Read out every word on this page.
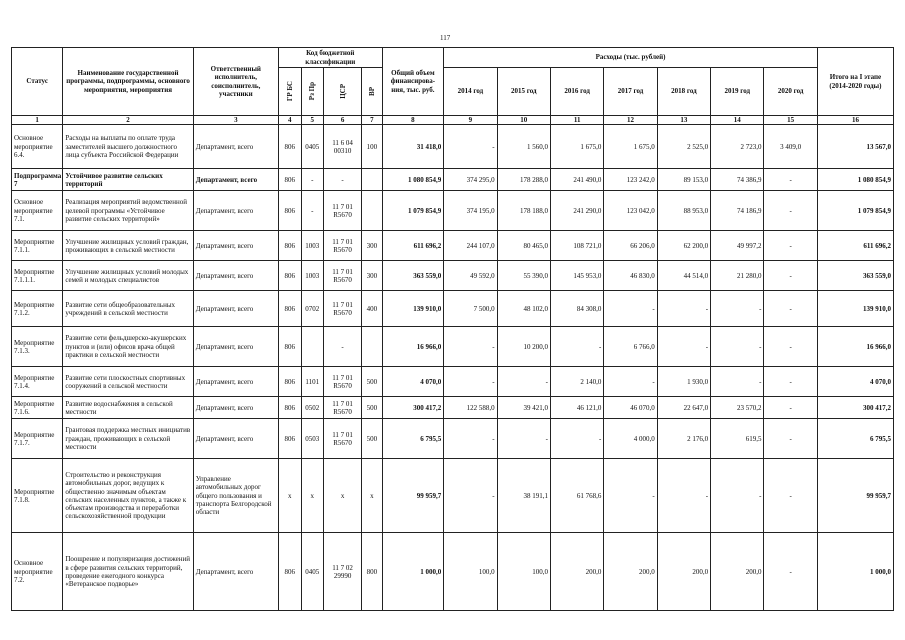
117
Статус	Наименование государственной программы, подпрограммы, основного мероприятия, мероприятия	Ответственный исполнитель, соисполнитель, участники	Код бюджетной классификации				Общий объем финансирова-ния, тыс. руб.	Расходы (тыс. рублей)							Итого на I этапе (2014-2020 годы)

			ГР БС	Рз Пр	ЦСР	ВР		2014 год	2015 год	2016 год	2017 год	2018 год	2019 год	2020 год	
1	2	3	4	5	6	7	8	9	10	11	12	13	14	15	16
Основное мероприятие 6.4.	Расходы на выплаты по оплате труда заместителей высшего должностного лица субъекта Российской Федерации	Департамент, всего	806	0405	11 6 04 00310	100	31 418,0	-	1 560,0	1 675,0	1 675,0	2 525,0	2 723,0	3 409,0	13 567,0
Подпрограмма 7	Устойчивое развитие сельских территорий	Департамент, всего	806	-	-		1 080 854,9	374 295,0	178 288,0	241 490,0	123 242,0	89 153,0	74 386,9	-	1 080 854,9
Основное мероприятие 7.1.	Реализация мероприятий ведомственной целевой программы «Устойчивое развитие сельских территорий»	Департамент, всего	806	-	11 7 01 R5670		1 079 854,9	374 195,0	178 188,0	241 290,0	123 042,0	88 953,0	74 186,9	-	1 079 854,9
Мероприятие 7.1.1.	Улучшение жилищных условий граждан, проживающих в сельской местности	Департамент, всего	806	1003	11 7 01 R5670	300	611 696,2	244 107,0	80 465,0	108 721,0	66 206,0	62 200,0	49 997,2	-	611 696,2
Мероприятие 7.1.1.1.	Улучшение жилищных условий молодых семей и молодых специалистов	Департамент, всего	806	1003	11 7 01 R5670	300	363 559,0	49 592,0	55 390,0	145 953,0	46 830,0	44 514,0	21 280,0	-	363 559,0
Мероприятие 7.1.2.	Развитие сети общеобразовательных учреждений в сельской местности	Департамент, всего	806	0702	11 7 01 R5670	400	139 910,0	7 500,0	48 102,0	84 308,0	-	-	-	-	139 910,0
Мероприятие 7.1.3.	Развитие сети фельдшерско-акушерских пунктов и (или) офисов врача общей практики в сельской местности	Департамент, всего	806		-		16 966,0	-	10 200,0	-	6 766,0	-	-	-	16 966,0
Мероприятие 7.1.4.	Развитие сети плоскостных спортивных сооружений в сельской местности	Департамент, всего	806	1101	11 7 01 R5670	500	4 070,0	-	-	2 140,0	-	1 930,0	-	-	4 070,0
Мероприятие 7.1.6.	Развитие водоснабжения в сельской местности	Департамент, всего	806	0502	11 7 01 R5670	500	300 417,2	122 588,0	39 421,0	46 121,0	46 070,0	22 647,0	23 570,2	-	300 417,2
Мероприятие 7.1.7.	Грантовая поддержка местных инициатив граждан, проживающих в сельской местности	Департамент, всего	806	0503	11 7 01 R5670	500	6 795,5	-	-	-	4 000,0	2 176,0	619,5	-	6 795,5
Мероприятие 7.1.8.	Строительство и реконструкция автомобильных дорог, ведущих к общественно значимым объектам сельских населенных пунктов, а также к объектам производства и переработки сельскохозяйственной продукции	Управление автомобильных дорог общего пользования и транспорта Белгородской области	x	x	x	x	99 959,7	-	38 191,1	61 768,6	-	-	-	-	99 959,7
Основное мероприятие 7.2.	Поощрение и популяризация достижений в сфере развития сельских территорий, проведение ежегодного конкурса «Ветеранское подворье»	Департамент, всего	806	0405	11 7 02 29990	800	1 000,0	100,0	100,0	200,0	200,0	200,0	200,0	-	1 000,0
